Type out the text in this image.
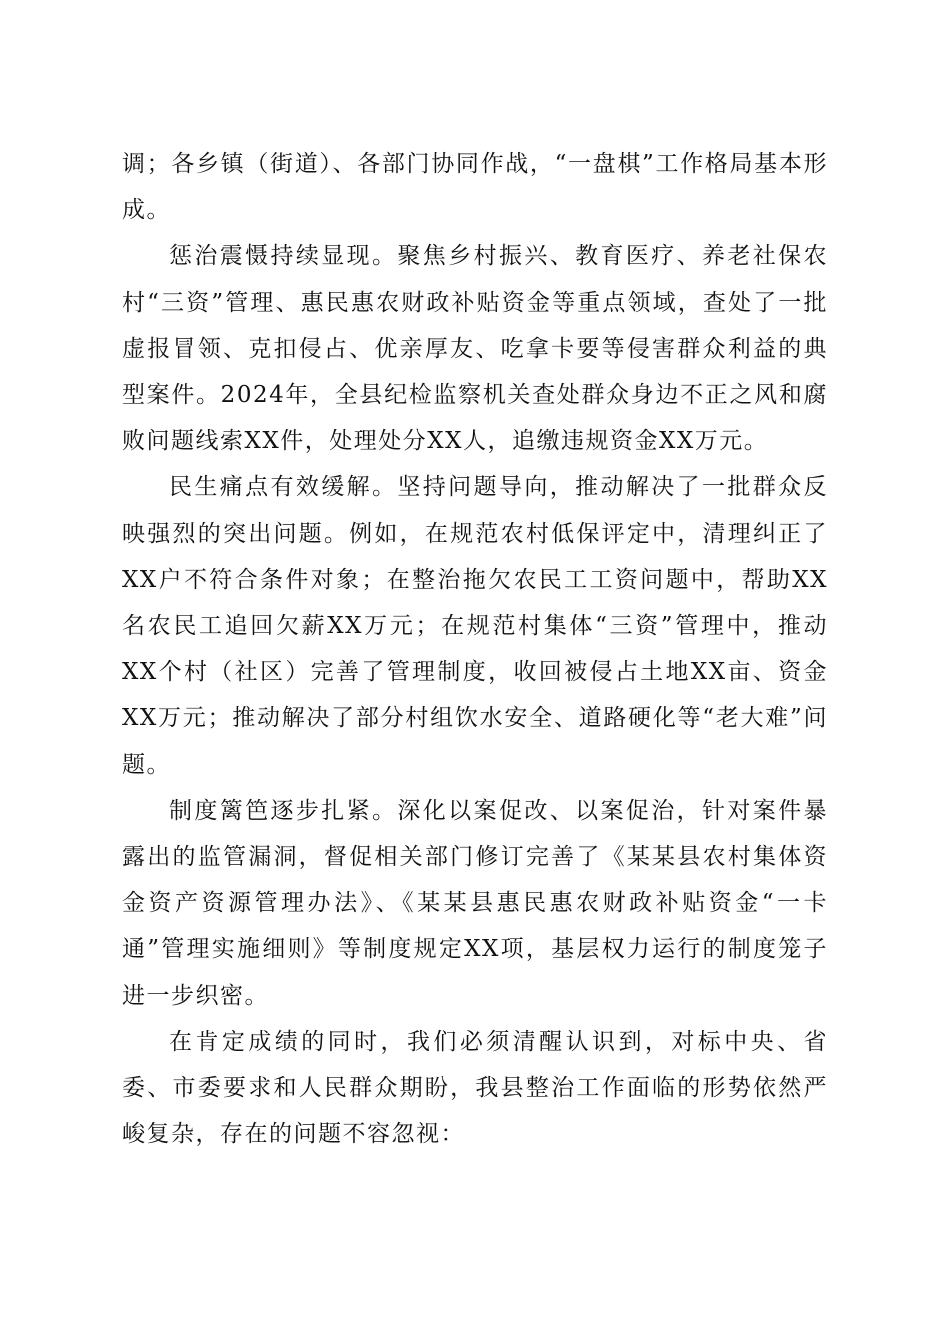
调；各乡镇（街道）、各部门协同作战，“一盘棋”工作格局基本形成。

惩治震慑持续显现。聚焦乡村振兴、教育医疗、养老社保农村“三资”管理、惠民惠农财政补贴资金等重点领域，查处了一批虚报冒领、克扣侵占、优亲厚友、吃拿卡要等侵害群众利益的典型案件。2024年，全县纪检监察机关查处群众身边不正之风和腐败问题线索XX件，处理处分XX人，追缴违规资金XX万元。

民生痛点有效缓解。坚持问题导向，推动解决了一批群众反映强烈的突出问题。例如，在规范农村低保评定中，清理纠正了XX户不符合条件对象；在整治拖欠农民工工资问题中，帮助XX名农民工追回欠薪XX万元；在规范村集体“三资”管理中，推动XX个村（社区）完善了管理制度，收回被侵占土地XX亩、资金XX万元；推动解决了部分村组饮水安全、道路硬化等“老大难”问题。

制度篱笆逐步扎紧。深化以案促改、以案促治，针对案件暴露出的监管漏洞，督促相关部门修订完善了《某某县农村集体资金资产资源管理办法》、《某某县惠民惠农财政补贴资金“一卡通”管理实施细则》等制度规定XX项，基层权力运行的制度笼子进一步织密。

在肯定成绩的同时，我们必须清醒认识到，对标中央、省委、市委要求和人民群众期盼，我县整治工作面临的形势依然严峻复杂，存在的问题不容忽视：
